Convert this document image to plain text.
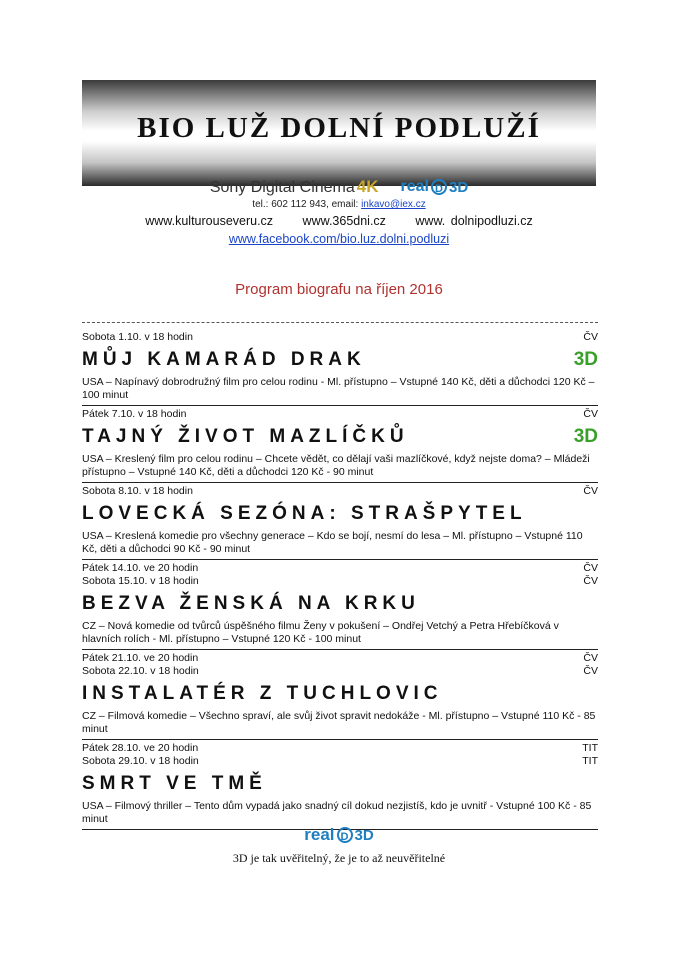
BIO LUŽ DOLNÍ PODLUŽÍ
Sony Digital Cinema 4K real D 3D
tel.: 602 112 943, email: inkavo@iex.cz
www.kulturouseveru.cz www.365dni.cz www. dolnipodluzi.cz
www.facebook.com/bio.luz.dolni.podluzi
Program biografu na říjen 2016
Sobota 1.10. v 18 hodin	ČV
MŮJ KAMARÁD DRAK	3D
USA – Napínavý dobrodružný film pro celou rodinu - Ml. přístupno – Vstupné 140 Kč, děti a důchodci 120 Kč – 100 minut
Pátek 7.10. v 18 hodin	ČV
TAJNÝ ŽIVOT MAZLÍČKŮ	3D
USA – Kreslený film pro celou rodinu – Chcete vědět, co dělají vaši mazlíčkové, když nejste doma? – Mládeži přístupno – Vstupné 140 Kč, děti a důchodci 120 Kč - 90 minut
Sobota 8.10. v 18 hodin	ČV
LOVECKÁ SEZÓNA: STRAŠPYTEL
USA – Kreslená komedie pro všechny generace – Kdo se bojí, nesmí do lesa – Ml. přístupno – Vstupné 110 Kč, děti a důchodci 90 Kč - 90 minut
Pátek 14.10. ve 20 hodin	ČV
Sobota 15.10. v 18 hodin	ČV
BEZVA ŽENSKÁ NA KRKU
CZ – Nová komedie od tvůrců úspěšného filmu Ženy v pokušení – Ondřej Vetchý a Petra Hřebíčková v hlavních rolích - Ml. přístupno – Vstupné 120 Kč - 100 minut
Pátek 21.10. ve 20 hodin	ČV
Sobota 22.10. v 18 hodin	ČV
INSTALATÉR Z TUCHLOVIC
CZ – Filmová komedie – Všechno spraví, ale svůj život spravit nedokáže - Ml. přístupno – Vstupné 110 Kč - 85 minut
Pátek 28.10. ve 20 hodin	TIT
Sobota 29.10. v 18 hodin	TIT
SMRT VE TMĚ
USA – Filmový thriller – Tento dům vypadá jako snadný cíl dokud nezjistíš, kdo je uvnitř - Vstupné 100 Kč - 85 minut
real D 3D
3D je tak uvěřitelný, že je to až neuvěřitelné
